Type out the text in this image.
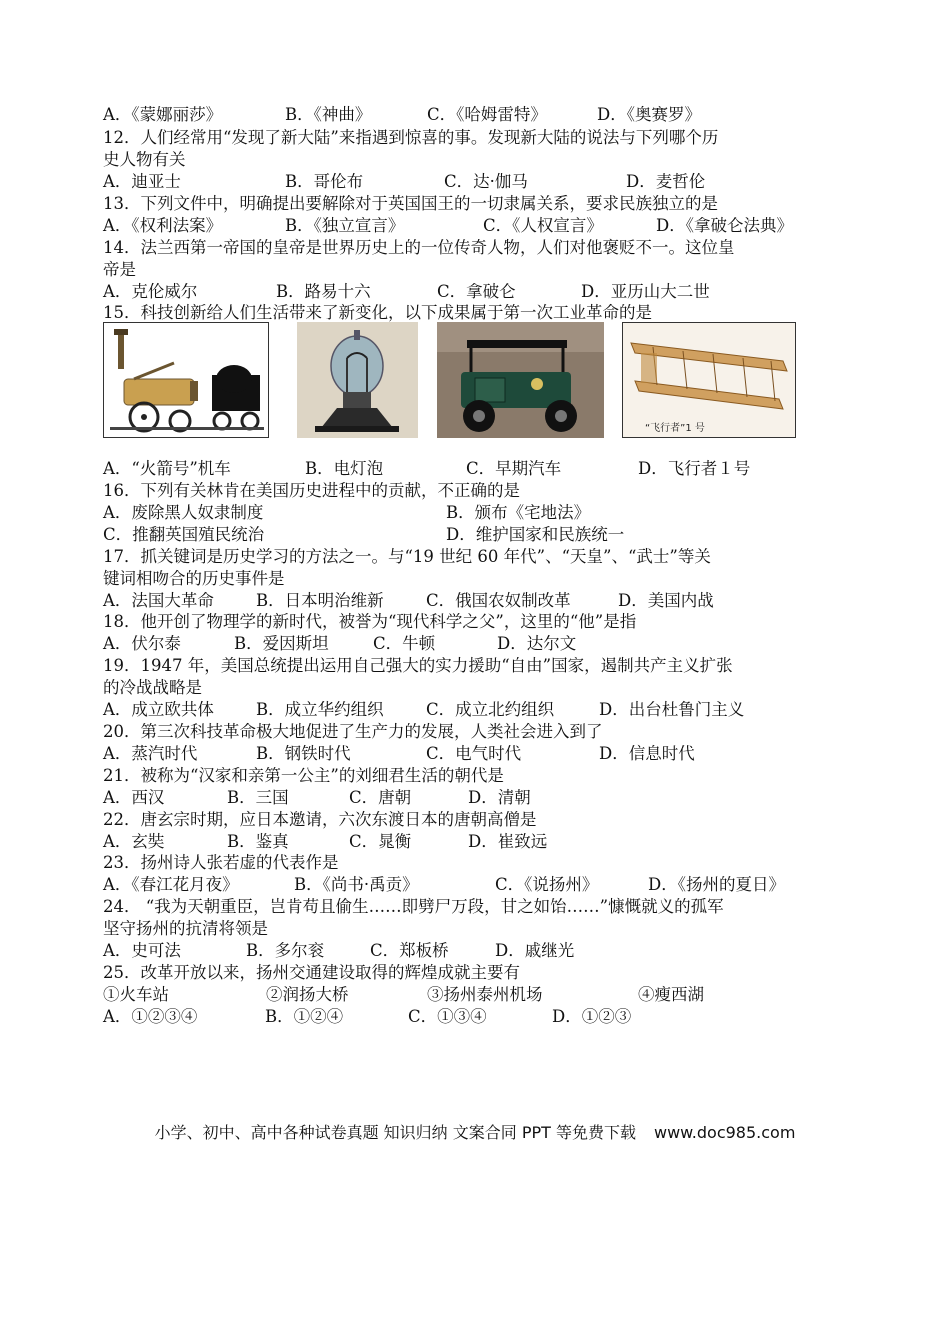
A．《蒙娜丽莎》	B．《神曲》	C．《哈姆雷特》	D．《奥赛罗》
12．人们经常用“发现了新大陆”来指遇到惊喜的事。发现新大陆的说法与下列哪个历
史人物有关
A．迪亚士	B．哥伦布	C．达·伽马	D．麦哲伦
13．下列文件中，明确提出要解除对于英国国王的一切隶属关系，要求民族独立的是
A．《权利法案》	B．《独立宣言》	C．《人权宣言》	D．《拿破仑法典》
14．法兰西第一帝国的皇帝是世界历史上的一位传奇人物，人们对他褒贬不一。这位皇
帝是
A．克伦威尔	B．路易十六	C．拿破仑	D．亚历山大二世
15．科技创新给人们生活带来了新变化，以下成果属于第一次工业革命的是
“飞行者”1 号
A．“火箭号”机车	B．电灯泡	C．早期汽车	D．飞行者１号
16．下列有关林肯在美国历史进程中的贡献，不正确的是
A．废除黑人奴隶制度	B．颁布《宅地法》
C．推翻英国殖民统治	D．维护国家和民族统一
17．抓关键词是历史学习的方法之一。与“19 世纪 60 年代”、“天皇”、“武士”等关
键词相吻合的历史事件是
A．法国大革命	B．日本明治维新	C．俄国农奴制改革	D．美国内战
18．他开创了物理学的新时代，被誉为“现代科学之父”，这里的“他”是指
A．伏尔泰	B．爱因斯坦	C．牛顿	D．达尔文
19．1947 年，美国总统提出运用自己强大的实力援助“自由”国家，遏制共产主义扩张
的冷战战略是
A．成立欧共体	B．成立华约组织	C．成立北约组织	D．出台杜鲁门主义
20．第三次科技革命极大地促进了生产力的发展，人类社会进入到了
A．蒸汽时代	B．钢铁时代	C．电气时代	D．信息时代
21．被称为“汉家和亲第一公主”的刘细君生活的朝代是
A．西汉	B．三国	C．唐朝	D．清朝
22．唐玄宗时期，应日本邀请，六次东渡日本的唐朝高僧是
A．玄奘	B．鉴真	C．晁衡	D．崔致远
23．扬州诗人张若虚的代表作是
A．《春江花月夜》	B．《尚书·禹贡》	C．《说扬州》	D．《扬州的夏日》
24． “我为天朝重臣，岂肯苟且偷生……即劈尸万段，甘之如饴……”慷慨就义的孤军
坚守扬州的抗清将领是
A．史可法	B．多尔衮	C．郑板桥	D．戚继光
25．改革开放以来，扬州交通建设取得的辉煌成就主要有
①火车站	②润扬大桥	③扬州泰州机场	④瘦西湖
A．①②③④	B．①②④	C．①③④	D．①②③
小学、初中、高中各种试卷真题 知识归纳 文案合同 PPT 等免费下载 www.doc985.com
